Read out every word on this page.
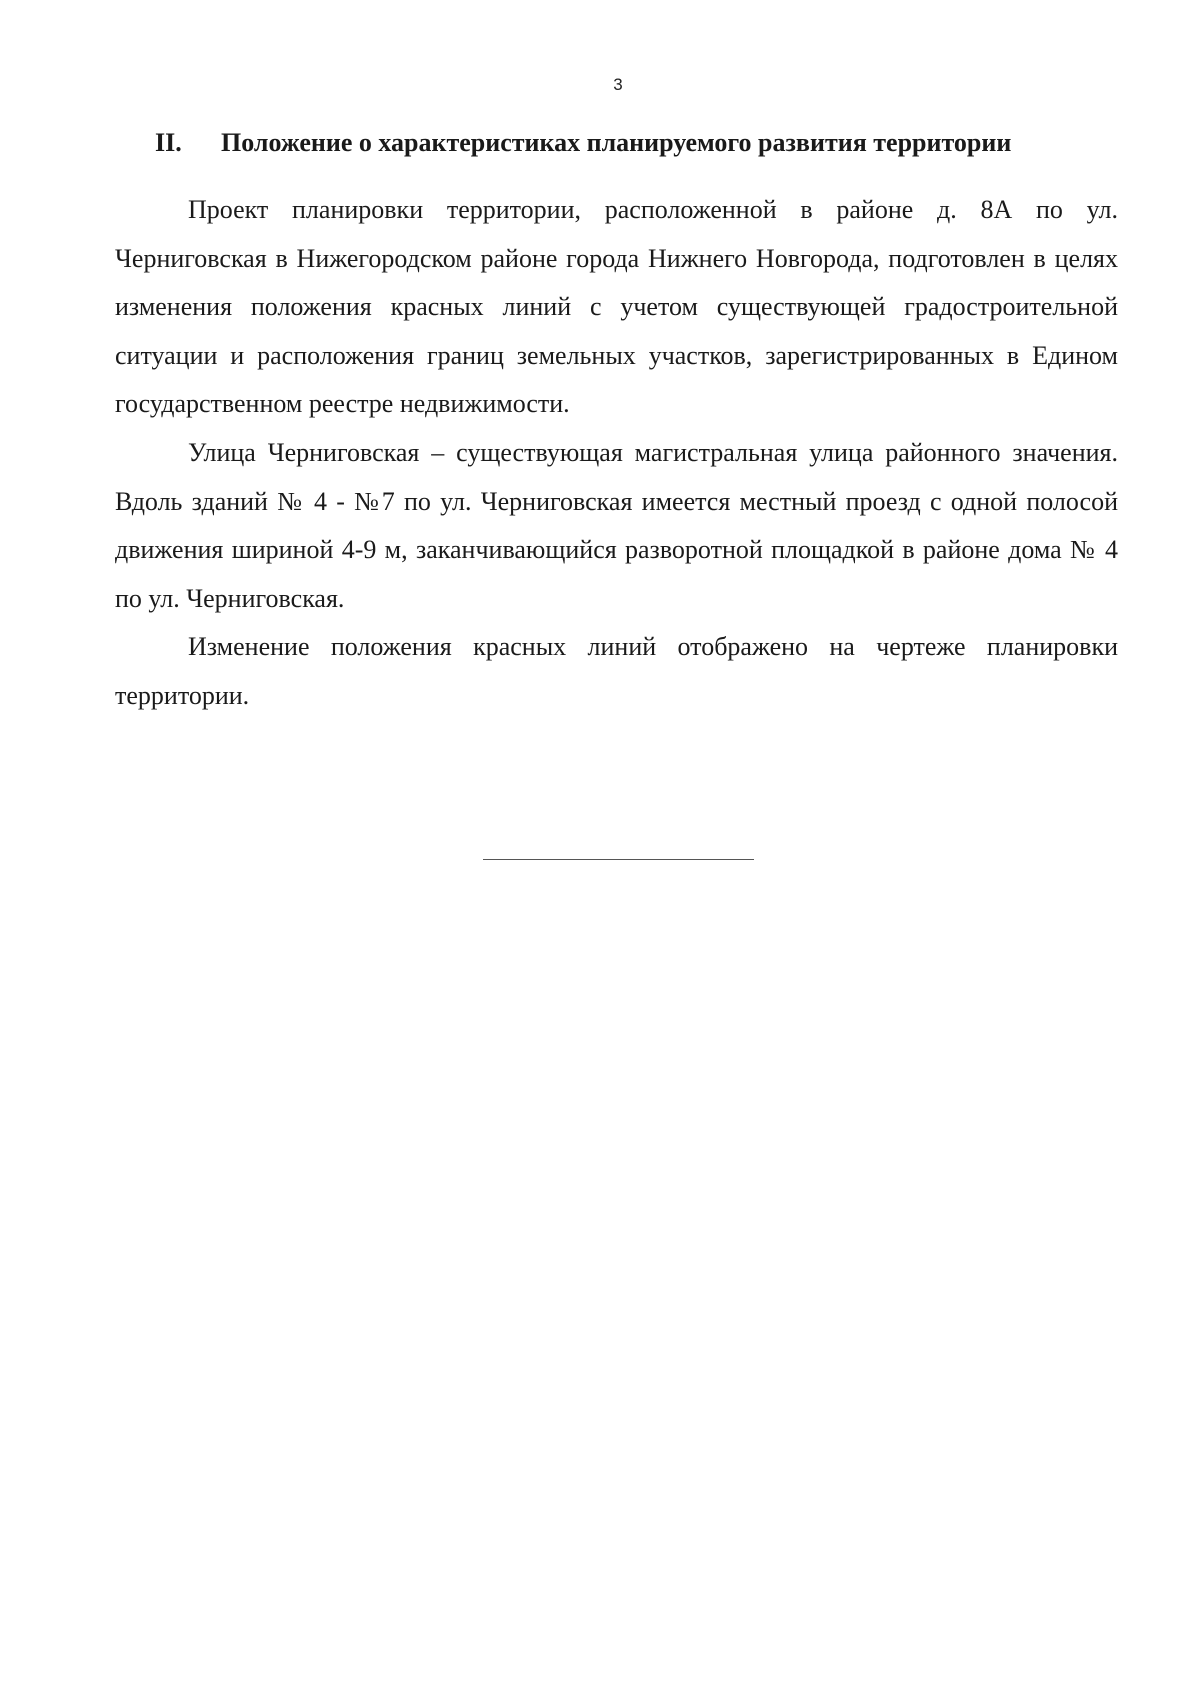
3
II. Положение о характеристиках планируемого развития территории

Проект планировки территории, расположенной в районе д. 8А по ул. Черниговская в Нижегородском районе города Нижнего Новгорода, подготовлен в целях изменения положения красных линий с учетом существующей градостроительной ситуации и расположения границ земельных участков, зарегистрированных в Едином государственном реестре недвижимости.

Улица Черниговская – существующая магистральная улица районного значения. Вдоль зданий № 4 - №7 по ул. Черниговская имеется местный проезд с одной полосой движения шириной 4-9 м, заканчивающийся разворотной площадкой в районе дома № 4 по ул. Черниговская.

Изменение положения красных линий отображено на чертеже планировки территории.
